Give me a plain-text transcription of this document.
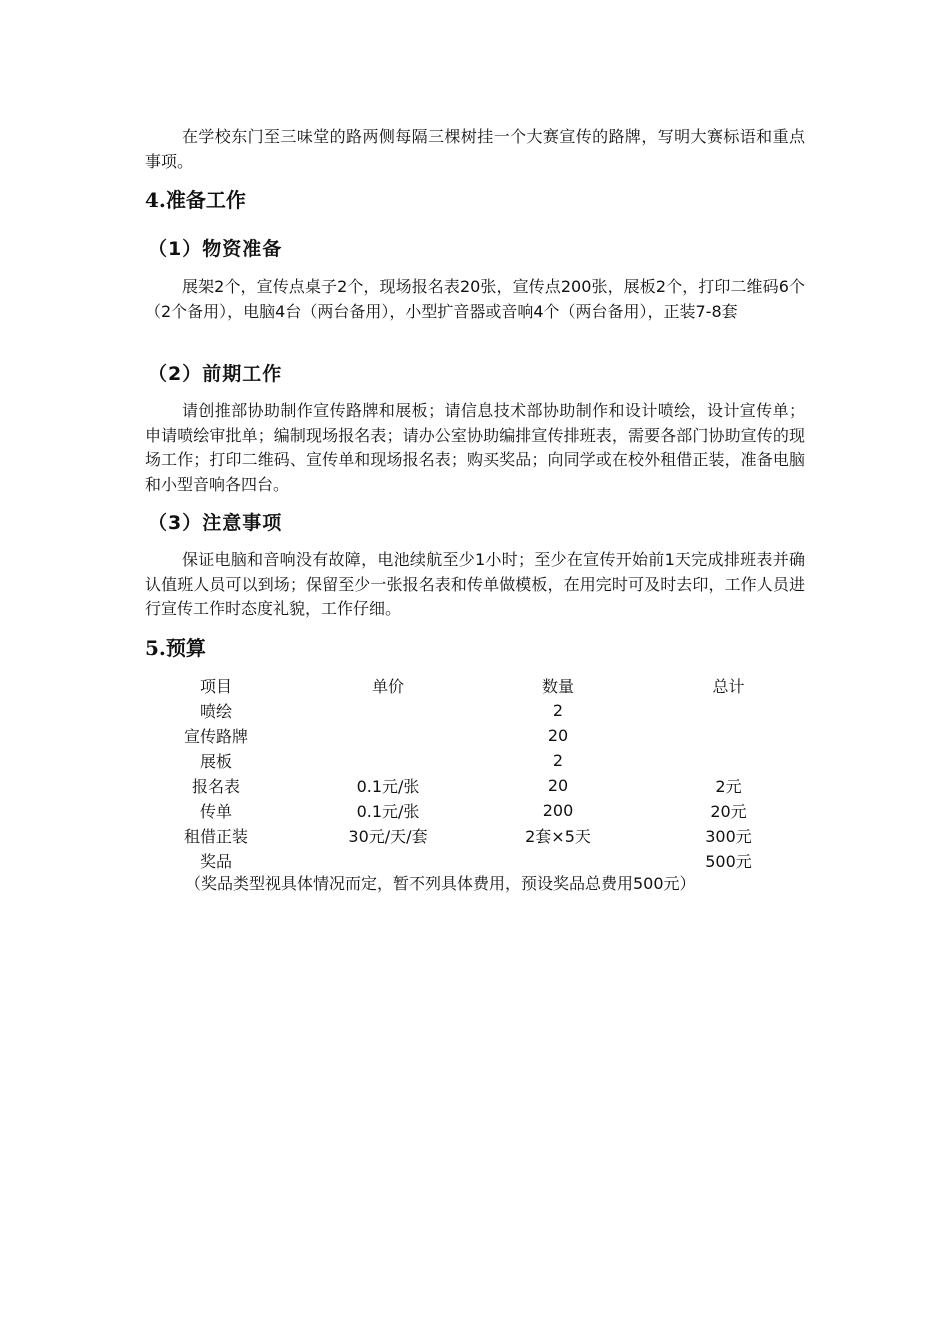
在学校东门至三味堂的路两侧每隔三棵树挂一个大赛宣传的路牌，写明大赛标语和重点事项。

4.准备工作
（1）物资准备

展架2个，宣传点桌子2个，现场报名表20张，宣传点200张，展板2个，打印二维码6个（2个备用），电脑4台（两台备用），小型扩音器或音响4个（两台备用），正装7-8套

（2）前期工作

请创推部协助制作宣传路牌和展板；请信息技术部协助制作和设计喷绘，设计宣传单；申请喷绘审批单；编制现场报名表；请办公室协助编排宣传排班表，需要各部门协助宣传的现场工作；打印二维码、宣传单和现场报名表；购买奖品；向同学或在校外租借正装，准备电脑和小型音响各四台。

（3）注意事项

保证电脑和音响没有故障，电池续航至少1小时；至少在宣传开始前1天完成排班表并确认值班人员可以到场；保留至少一张报名表和传单做模板，在用完时可及时去印，工作人员进行宣传工作时态度礼貌，工作仔细。

5.预算
项目	单价	数量	总计
喷绘		2	
宣传路牌		20	
展板		2	
报名表	0.1元/张	20	2元
传单	0.1元/张	200	20元
租借正装	30元/天/套	2套×5天	300元
奖品			500元

（奖品类型视具体情况而定，暂不列具体费用，预设奖品总费用500元）
